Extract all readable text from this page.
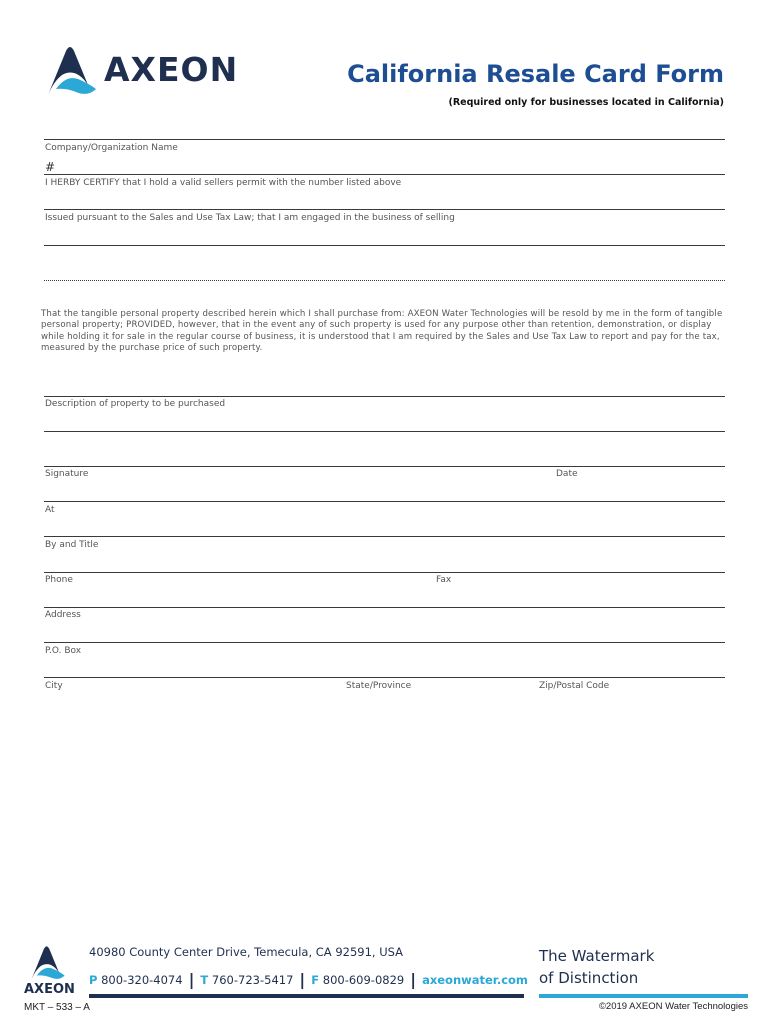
AXEON	California Resale Card Form
(Required only for businesses located in California)
Company/Organization Name
#
I HERBY CERTIFY that I hold a valid sellers permit with the number listed above
Issued pursuant to the Sales and Use Tax Law; that I am engaged in the business of selling
That the tangible personal property described herein which I shall purchase from: AXEON Water Technologies will be resold by me in the form of tangible personal property; PROVIDED, however, that in the event any of such property is used for any purpose other than retention, demonstration, or display while holding it for sale in the regular course of business, it is understood that I am required by the Sales and Use Tax Law to report and pay for the tax, measured by the purchase price of such property.
Description of property to be purchased
Signature	Date
At
By and Title
Phone	Fax
Address
P.O. Box
City	State/Province	Zip/Postal Code
AXEON
40980 County Center Drive, Temecula, CA 92591, USA
P 800-320-4074 | T 760-723-5417 | F 800-609-0829 | axeonwater.com
The Watermark
of Distinction
MKT – 533 – A	©2019 AXEON Water Technologies
